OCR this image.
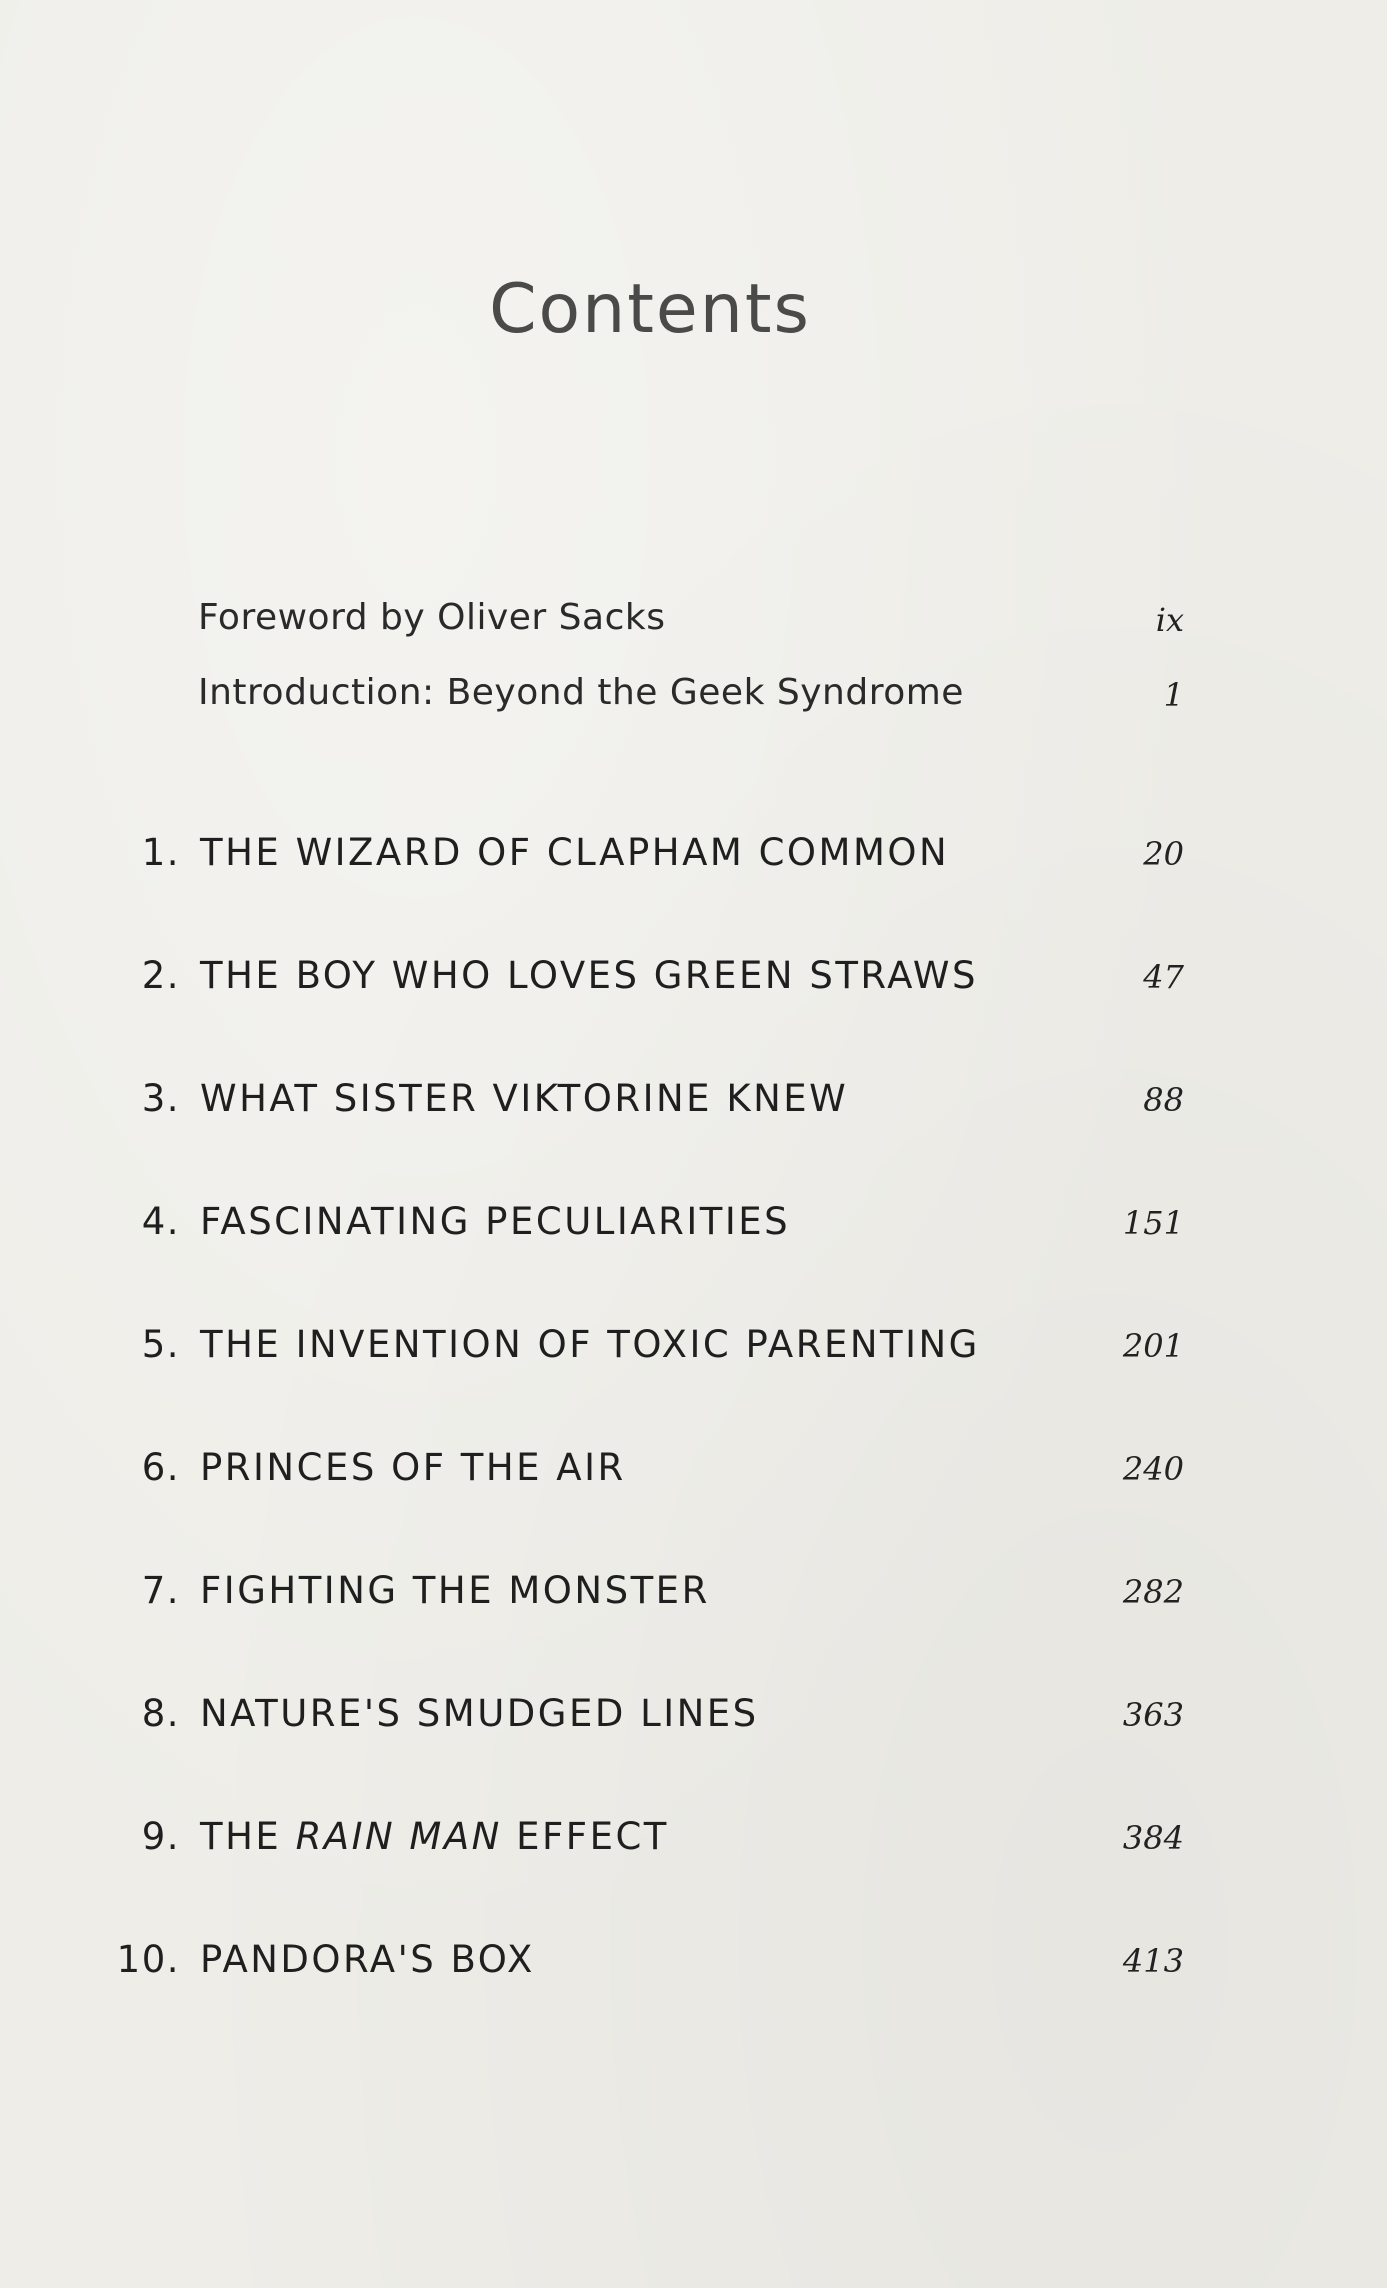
Contents
Foreword by Oliver Sacks	ix
Introduction: Beyond the Geek Syndrome	1
1. THE WIZARD OF CLAPHAM COMMON	20
2. THE BOY WHO LOVES GREEN STRAWS	47
3. WHAT SISTER VIKTORINE KNEW	88
4. FASCINATING PECULIARITIES	151
5. THE INVENTION OF TOXIC PARENTING	201
6. PRINCES OF THE AIR	240
7. FIGHTING THE MONSTER	282
8. NATURE'S SMUDGED LINES	363
9. THE RAIN MAN EFFECT	384
10. PANDORA'S BOX	413
